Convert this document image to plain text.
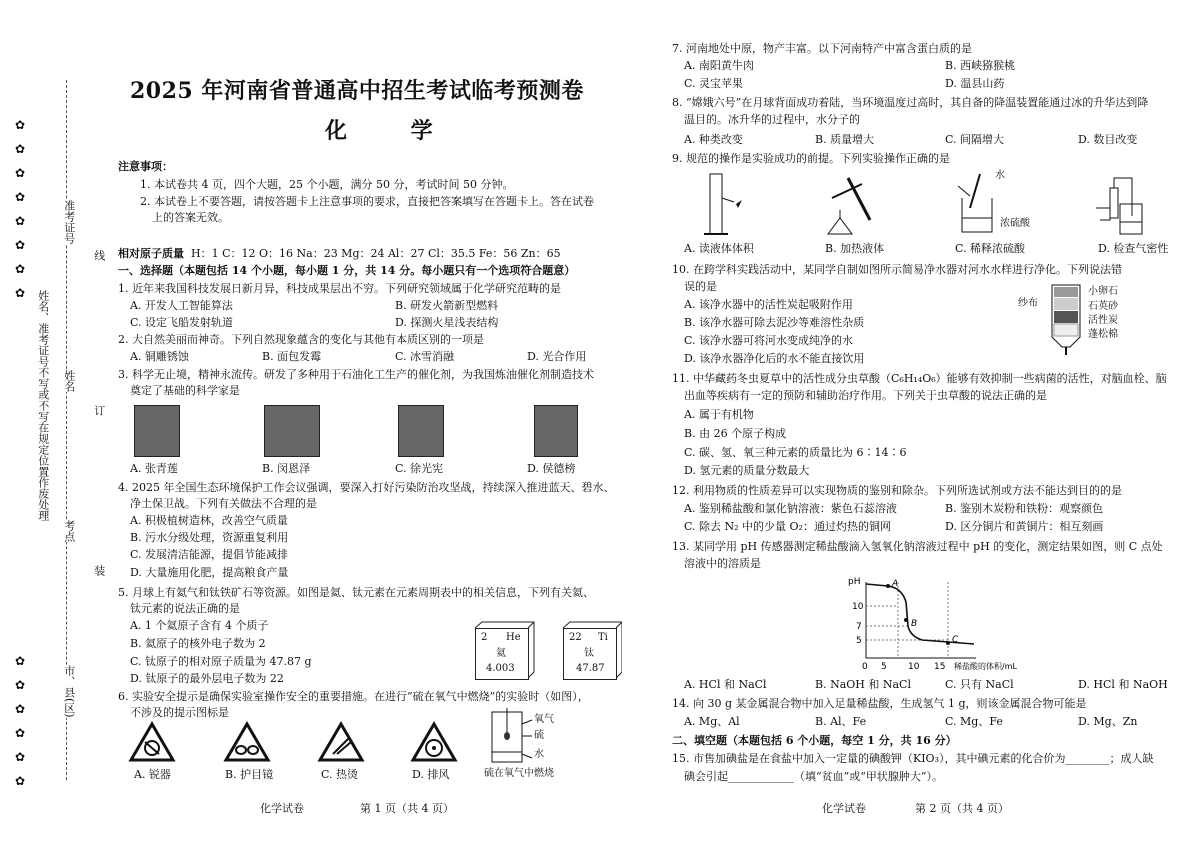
✿
✿
✿
✿
✿
✿
✿
✿
✿
✿
✿
✿
✿
✿
姓名、准考证号不写或不写在规定位置作废处理
准考证号
姓名
考点
市、县(区)
线
订
装
2025 年河南省普通高中招生考试临考预测卷
化 学
注意事项：
1. 本试卷共 4 页，四个大题，25 个小题，满分 50 分，考试时间 50 分钟。
2. 本试卷上不要答题，请按答题卡上注意事项的要求，直接把答案填写在答题卡上。答在试卷
上的答案无效。
相对原子质量 H：1 C：12 O：16 Na：23 Mg：24 Al：27 Cl：35.5 Fe：56 Zn：65
一、选择题（本题包括 14 个小题，每小题 1 分，共 14 分。每小题只有一个选项符合题意）
1. 近年来我国科技发展日新月异，科技成果层出不穷。下列研究领域属于化学研究范畴的是
A. 开发人工智能算法	B. 研发火箭新型燃料
C. 设定飞船发射轨道	D. 探测火星浅表结构
2. 大自然美丽而神奇。下列自然现象蕴含的变化与其他有本质区别的一项是
A. 铜雕锈蚀	B. 面包发霉	C. 冰雪消融	D. 光合作用
3. 科学无止境，精神永流传。研发了多种用于石油化工生产的催化剂，为我国炼油催化剂制造技术
奠定了基础的科学家是
A. 张青莲	B. 闵恩泽	C. 徐光宪	D. 侯德榜
4. 2025 年全国生态环境保护工作会议强调，要深入打好污染防治攻坚战，持续深入推进蓝天、碧水、
净土保卫战。下列有关做法不合理的是
A. 积极植树造林，改善空气质量
B. 污水分级处理，资源重复利用
C. 发展清洁能源，提倡节能减排
D. 大量施用化肥，提高粮食产量
5. 月球上有氦气和钛铁矿石等资源。如图是氦、钛元素在元素周期表中的相关信息，下列有关氦、
钛元素的说法正确的是
A. 1 个氦原子含有 4 个质子
B. 氦原子的核外电子数为 2
C. 钛原子的相对原子质量为 47.87 g
D. 钛原子的最外层电子数为 22
2 He
氦
4.003
22 Ti
钛
47.87
6. 实验安全提示是确保实验室操作安全的重要措施。在进行“硫在氧气中燃烧”的实验时（如图），
不涉及的提示图标是
A. 锐器	B. 护目镜	C. 热烫	D. 排风
氧气
硫
水
硫在氧气中燃烧
化学试卷	第 1 页（共 4 页）
7. 河南地处中原，物产丰富。以下河南特产中富含蛋白质的是
A. 南阳黄牛肉	B. 西峡猕猴桃
C. 灵宝苹果	D. 温县山药
8. “嫦娥六号”在月球背面成功着陆，当环境温度过高时，其自备的降温装置能通过冰的升华达到降
温目的。冰升华的过程中，水分子的
A. 种类改变	B. 质量增大	C. 间隔增大	D. 数目改变
9. 规范的操作是实验成功的前提。下列实验操作正确的是
水
浓硫酸
A. 读液体体积	B. 加热液体	C. 稀释浓硫酸	D. 检查气密性
10. 在跨学科实践活动中，某同学自制如图所示简易净水器对河水水样进行净化。下列说法错
误的是
A. 该净水器中的活性炭起吸附作用
B. 该净水器可除去泥沙等难溶性杂质
C. 该净水器可将河水变成纯净的水
D. 该净水器净化后的水不能直接饮用
纱布
小卵石
石英砂
活性炭
蓬松棉
11. 中华藏药冬虫夏草中的活性成分虫草酸（C₆H₁₄O₆）能够有效抑制一些病菌的活性，对脑血栓、脑
出血等疾病有一定的预防和辅助治疗作用。下列关于虫草酸的说法正确的是
A. 属于有机物
B. 由 26 个原子构成
C. 碳、氢、氧三种元素的质量比为 6∶14∶6
D. 氢元素的质量分数最大
12. 利用物质的性质差异可以实现物质的鉴别和除杂。下列所选试剂或方法不能达到目的的是
A. 鉴别稀盐酸和氯化钠溶液：紫色石蕊溶液	B. 鉴别木炭粉和铁粉：观察颜色
C. 除去 N₂ 中的少量 O₂：通过灼热的铜网	D. 区分铜片和黄铜片：相互刻画
13. 某同学用 pH 传感器测定稀盐酸滴入氢氧化钠溶液过程中 pH 的变化，测定结果如图，则 C 点处
溶液中的溶质是
pH
10
7
5
0 5 10 15 稀盐酸的体积/mL
A
B
C
A. HCl 和 NaCl	B. NaOH 和 NaCl	C. 只有 NaCl	D. HCl 和 NaOH
14. 向 30 g 某金属混合物中加入足量稀盐酸，生成氢气 1 g，则该金属混合物可能是
A. Mg、Al	B. Al、Fe	C. Mg、Fe	D. Mg、Zn
二、填空题（本题包括 6 个小题，每空 1 分，共 16 分）
15. 市售加碘盐是在食盐中加入一定量的碘酸钾（KIO₃），其中碘元素的化合价为________；成人缺
碘会引起____________（填“贫血”或“甲状腺肿大”）。
化学试卷	第 2 页（共 4 页）
